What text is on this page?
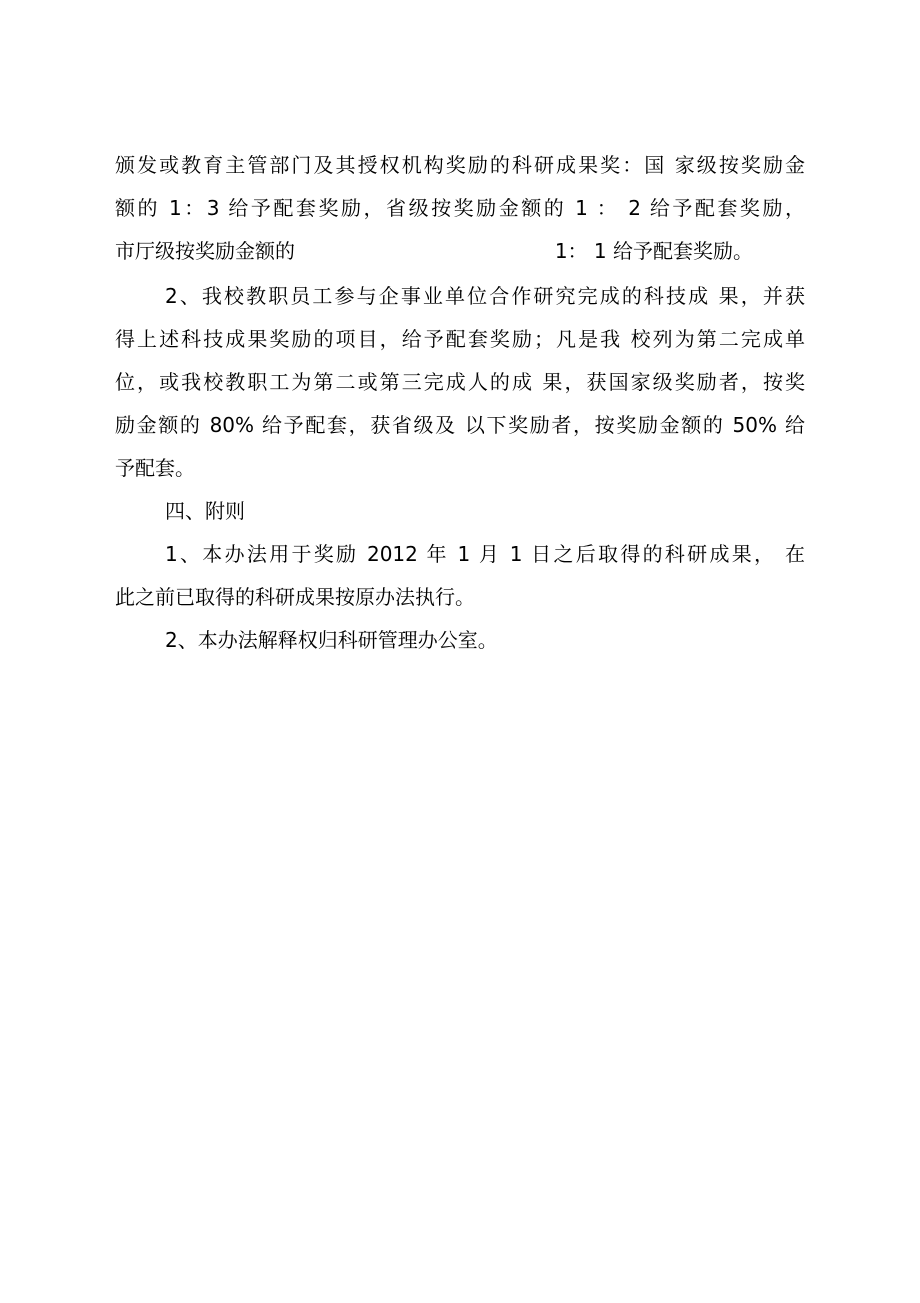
颁发或教育主管部门及其授权机构奖励的科研成果奖：国 家级按奖励金
额的 1：3 给予配套奖励，省级按奖励金额的 1 ： 2 给予配套奖励，
市厅级按奖励金额的	1： 1 给予配套奖励。
2、我校教职员工参与企事业单位合作研究完成的科技成 果，并获
得上述科技成果奖励的项目，给予配套奖励；凡是我 校列为第二完成单
位，或我校教职工为第二或第三完成人的成 果，获国家级奖励者，按奖
励金额的 80% 给予配套，获省级及 以下奖励者，按奖励金额的 50% 给
予配套。
四、附则
1、本办法用于奖励 2012 年 1 月 1 日之后取得的科研成果， 在
此之前已取得的科研成果按原办法执行。
2、本办法解释权归科研管理办公室。
